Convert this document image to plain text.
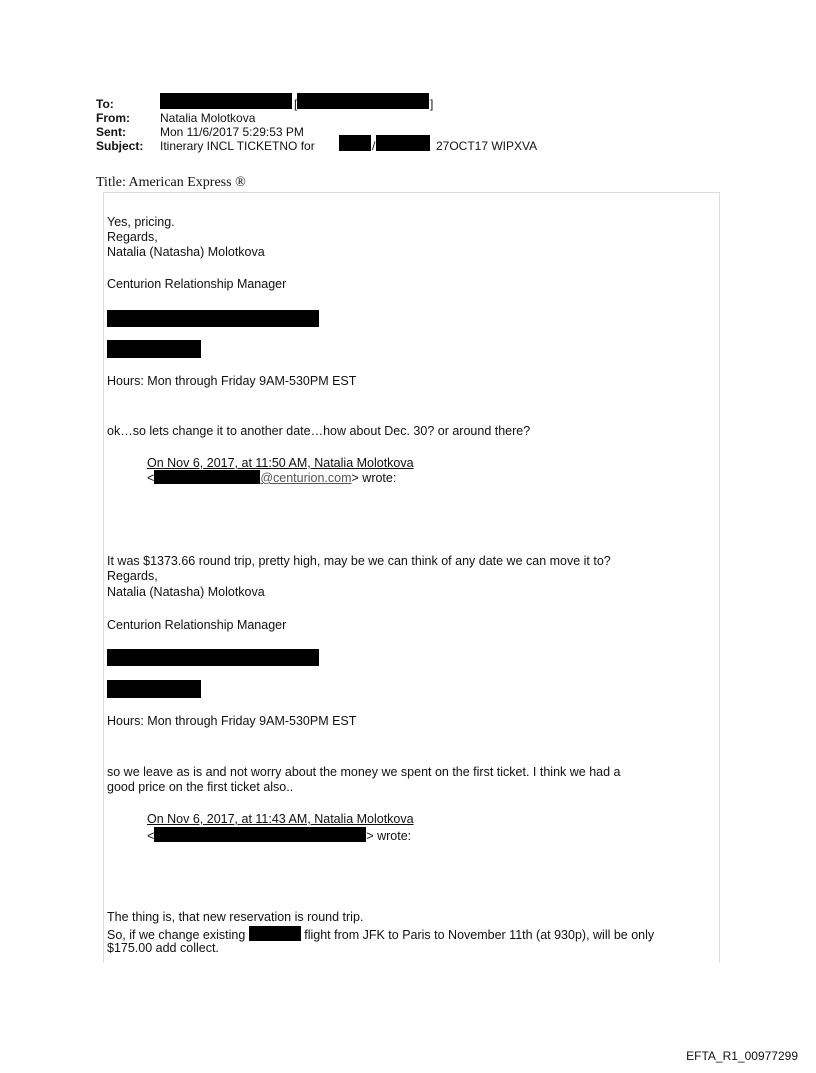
To:	[	]
From:	Natalia Molotkova
Sent:	Mon 11/6/2017 5:29:53 PM
Subject: Itinerary INCL TICKETNO for	/	27OCT17 WIPXVA
Title: American Express ®
Yes, pricing.
Regards,
Natalia (Natasha) Molotkova
Centurion Relationship Manager
Hours: Mon through Friday 9AM-530PM EST
ok…so lets change it to another date…how about Dec. 30? or around there?
On Nov 6, 2017, at 11:50 AM, Natalia Molotkova
<	@centurion.com> wrote:
It was $1373.66 round trip, pretty high, may be we can think of any date we can move it to?
Regards,
Natalia (Natasha) Molotkova
Centurion Relationship Manager
Hours: Mon through Friday 9AM-530PM EST
so we leave as is and not worry about the money we spent on the first ticket. I think we had a
good price on the first ticket also..
On Nov 6, 2017, at 11:43 AM, Natalia Molotkova
<	> wrote:
The thing is, that new reservation is round trip.
So, if we change existing	flight from JFK to Paris to November 11th (at 930p), will be only
$175.00 add collect.
EFTA_R1_00977299
